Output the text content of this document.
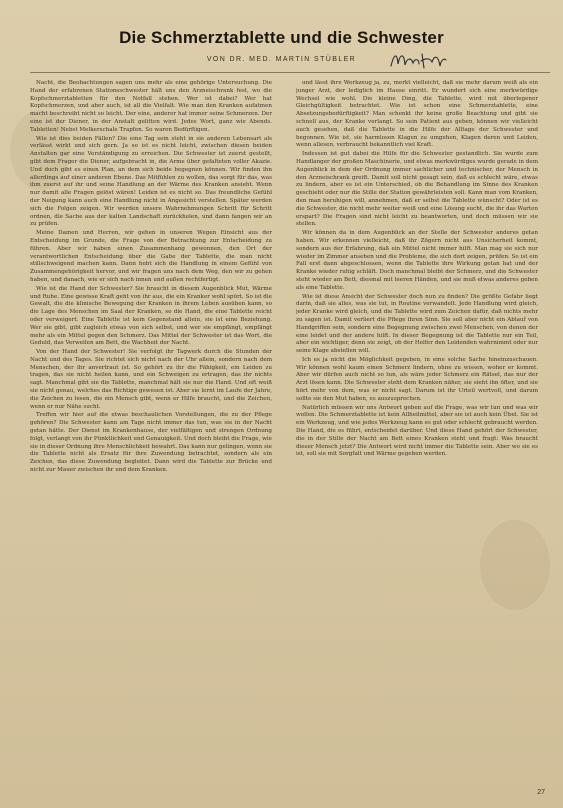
Die Schmerztablette und die Schwester
VON DR. MED. MARTIN STÜBLER

Nacht, die Beobachtungen sagen uns mehr als eine gehörige Untersuchung. Die Hand der erfahrenen Stationsschwester hält uns den Arzneischrank fest, wo die Kopfschmerztabletten für den Notfall stehen. Wer ist dabei? Wer hat Kopfschmerzen, und aber auch, ist all die Vielfalt. Wie man den Kranken aufatmen macht beschreibt nicht so leicht. Der eine, anderer hat immer seine Schmerzen. Der eine ist der Diener, in der Anstalt gelitten wird. Jedes Wort, ganz wie Abends. Tabletten! Nebst Melkerschale Trapfen. So waren Bedürftigen.

Wie ist dies beiden Fällen? Die eine Tag sein steht in sie anderen Lebensart als verlässt wirkt und sich gern. Ja so ist es nicht leicht, zwischen diesen beiden Anstalten gar eine Verständigung zu erreichen. Die Schwester ist zuerst gestellt, gibt dem Frager die Diener, aufgebracht in, die Arme über gefalteten voller Akazie. Und doch gibt es einen Plan, an dem sich beide begegnen können. Wir finden ihn allerdings auf einer anderen Ebene. Das Mitfühlen zu wollen, das sorgt für das, was ihm zuerst auf ihr und seine Handlung an der Wärme des Kranken ansieht. Wenn nur damit alle Fragen gelöst wären! Leiden ist es nicht so. Das freundliche Gefühl der Neigung kann auch eine Handlung nicht in Angesicht verstellen. Später werden sich die Folgen zeigen. Wir werden unsere Wahrnehmungen Schritt für Schritt ordnen, die Sache aus der kalten Landschaft zurückholen, und dann fangen wir an zu prüfen.

Meine Damen und Herren, wir gehen in unseren Wegen Einsicht aus der Entscheidung im Grunde, die Frage von der Betrachtung zur Entscheidung zu führen. Aber wir haben einen Zusammenhang gewonnen, den Ort der verantwortlichen Entscheidung über die Gabe der Tablette, die man nicht stillschweigend machen kann. Dann hebt sich die Handlung in einem Gefühl von Zusammengehörigkeit hervor, und wir fragen uns nach dem Weg, den wir zu gehen haben, und danach, wie er sich nach innen und außen rechtfertigt.

Wie ist die Hand der Schwester? Sie braucht in diesem Augenblick Mut, Wärme und Ruhe. Eine gewisse Kraft geht von ihr aus, die ein Kranker wohl spürt. So ist die Gewalt, die die klinische Bewegung der Kranken in ihrem Leben ausüben kann, so die Lage des Menschen im Saal der Kranken, so die Hand, die eine Tablette reicht oder verweigert. Eine Tablette ist kein Gegenstand allein, sie ist eine Beziehung. Wer sie gibt, gibt zugleich etwas von sich selbst, und wer sie empfängt, empfängt mehr als ein Mittel gegen den Schmerz. Das Mittel der Schwester ist das Wort, die Geduld, das Verweilen am Bett, die Wachheit der Nacht.

Von der Hand der Schwester! Sie verfolgt ihr Tagwerk durch die Stunden der Nacht und des Tages. Sie richtet sich nicht nach der Uhr allein, sondern nach dem Menschen, der ihr anvertraut ist. So gehört zu ihr die Fähigkeit, ein Leiden zu tragen, das sie nicht heilen kann, und ein Schweigen zu ertragen, das ihr nichts sagt. Manchmal gibt sie die Tablette, manchmal hält sie nur die Hand. Und oft weiß sie nicht genau, welches das Richtige gewesen ist. Aber sie lernt im Laufe der Jahre, die Zeichen zu lesen, die ein Mensch gibt, wenn er Hilfe braucht, und die Zeichen, wenn er nur Nähe sucht.

Treffen wir hier auf die etwas beschaulichen Vorstellungen, die zu der Pflege gehören? Die Schwester kann am Tage nicht immer das tun, was sie in der Nacht getan hätte. Der Dienst im Krankenhause, der vielfältigen und strengen Ordnung folgt, verlangt von ihr Pünktlichkeit und Genauigkeit. Und doch bleibt die Frage, wie sie in dieser Ordnung ihre Menschlichkeit bewahrt. Das kann nur gelingen, wenn sie die Tablette nicht als Ersatz für ihre Zuwendung betrachtet, sondern als ein Zeichen, das diese Zuwendung begleitet. Dann wird die Tablette zur Brücke und nicht zur Mauer zwischen ihr und dem Kranken.

und lässt ihre Werkzeug ja, zu, merkt vielleicht, daß sie mehr darum weiß als ein junger Arzt, der lediglich im Hause einritt. Er wundert sich eine merkwürdige Wechsel wie wohl. Die kleine Ding, die Tablette, wird mit überlegener Gleichgültigkeit betrachtet. Wie ist schon eine Schmerztablette, eine Absetzungsbedürftigkeit? Man schenkt ihr keine große Beachtung und gibt sie schnell aus, der Kranke verlangt. So sein Patient aus geben, können wir vielleicht auch gesehen, daß die Tablette in die Hilfe der Alltage der Schwester und begonnen. Wie ist, sie harmlosen Klagen zu umgehen, Klagen deren und Leiden, wenn allesen, verbraucht bekanntlich viel Kraft.

Indessen ist gut dabei die Hilfe für die Schwester gestandlich. Sie wurde zum Handlanger der großen Maschinerie, und etwas merkwürdiges wurde gerade in dem Augenblick in dem der Ordnung immer sachlicher und technischer, der Mensch in den Arzneischrank greift. Damit soll nicht gesagt sein, daß es schlecht wäre, etwas zu lindern, aber es ist ein Unterschied, ob die Behandlung im Sinne des Kranken geschieht oder nur die Stille der Station gewährleisten soll. Kann man vom Kranken, den man beruhigen will, annehmen, daß er selbst die Tablette wünscht? Oder ist es die Schwester, die nicht mehr weiter weiß und eine Lösung sucht, die ihr das Warten erspart? Die Fragen sind nicht leicht zu beantworten, und doch müssen wir sie stellen.

Wir können da in dem Augenblick an der Stelle der Schwester anderes getan haben. Wir erkennen vielleicht, daß ihr Zögern nicht aus Unsicherheit kommt, sondern aus der Erfahrung, daß ein Mittel nicht immer hilft. Man mag sie sich nur wieder im Zimmer ansehen und die Probleme, die sich dort zeigen, prüfen. So ist ein Fall erst dann abgeschlossen, wenn die Tablette ihre Wirkung getan hat und der Kranke wieder ruhig schläft. Doch manchmal bleibt der Schmerz, und die Schwester steht wieder am Bett, diesmal mit leeren Händen, und sie muß etwas anderes geben als eine Tablette.

Wie ist diese Ansicht der Schwester doch nun zu finden? Die größte Gefahr liegt darin, daß sie alles, was sie tut, in Routine verwandelt. Jede Handlung wird gleich, jeder Kranke wird gleich, und die Tablette wird zum Zeichen dafür, daß nichts mehr zu sagen ist. Damit verliert die Pflege ihren Sinn. Sie soll aber nicht ein Ablauf von Handgriffen sein, sondern eine Begegnung zwischen zwei Menschen, von denen der eine leidet und der andere hilft. In dieser Begegnung ist die Tablette nur ein Teil, aber ein wichtiger, denn sie zeigt, ob der Helfer den Leidenden wahrnimmt oder nur seine Klage abstellen will.

Ich es ja nicht die Möglichkeit gegeben, in eine solche Sache hineinzuschauen. Wir können wohl kaum einen Schmerz lindern, ohne zu wissen, woher er kommt. Aber wir dürfen auch nicht so tun, als wäre jeder Schmerz ein Rätsel, das nur der Arzt lösen kann. Die Schwester steht dem Kranken näher, sie sieht ihn öfter, und sie hört mehr von dem, was er nicht sagt. Darum ist ihr Urteil wertvoll, und darum sollte sie den Mut haben, es auszusprechen.

Natürlich müssen wir uns Antwort geben auf die Frage, was wir tun und was wir wollen. Die Schmerztablette ist kein Allheilmittel, aber sie ist auch kein Übel. Sie ist ein Werkzeug, und wie jedes Werkzeug kann es gut oder schlecht gebraucht werden. Die Hand, die es führt, entscheidet darüber. Und diese Hand gehört der Schwester, die in der Stille der Nacht am Bett eines Kranken steht und fragt: Was braucht dieser Mensch jetzt? Die Antwort wird nicht immer die Tablette sein. Aber wo sie es ist, soll sie mit Sorgfalt und Wärme gegeben werden.

27
